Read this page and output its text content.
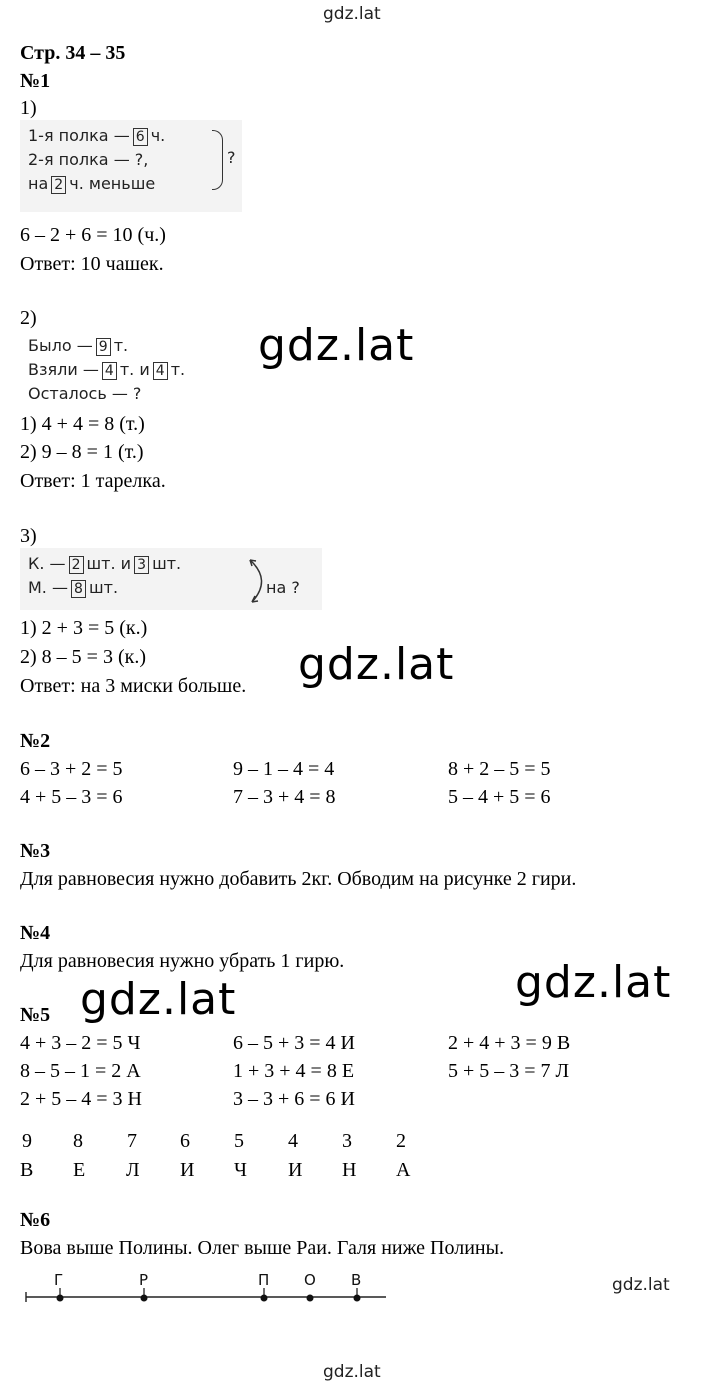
gdz.lat
gdz.lat
gdz.lat
gdz.lat
gdz.lat
gdz.lat
gdz.lat
Стр. 34 – 35
№1
1)
1-я полка — 6 ч.
2-я полка — ?,
на 2 ч. меньше
?
6 – 2 + 6 = 10 (ч.)
Ответ: 10 чашек.
2)
Было — 9 т.
Взяли — 4 т. и 4 т.
Осталось — ?
1) 4 + 4 = 8 (т.)
2) 9 – 8 = 1 (т.)
Ответ: 1 тарелка.
3)
К. — 2 шт. и 3 шт.
М. — 8 шт.	на ?
1) 2 + 3 = 5 (к.)
2) 8 – 5 = 3 (к.)
Ответ: на 3 миски больше.
№2
6 – 3 + 2 = 5	9 – 1 – 4 = 4	8 + 2 – 5 = 5
4 + 5 – 3 = 6	7 – 3 + 4 = 8	5 – 4 + 5 = 6
№3
Для равновесия нужно добавить 2кг. Обводим на рисунке 2 гири.
№4
Для равновесия нужно убрать 1 гирю.
№5
4 + 3 – 2 = 5 Ч	6 – 5 + 3 = 4 И	2 + 4 + 3 = 9 В
8 – 5 – 1 = 2 А	1 + 3 + 4 = 8 Е	5 + 5 – 3 = 7 Л
2 + 5 – 4 = 3 Н	3 – 3 + 6 = 6 И
9 8 7 6 5 4 3 2
В Е Л И Ч И Н А
№6
Вова выше Полины. Олег выше Раи. Галя ниже Полины.
Г	Р	П О В
